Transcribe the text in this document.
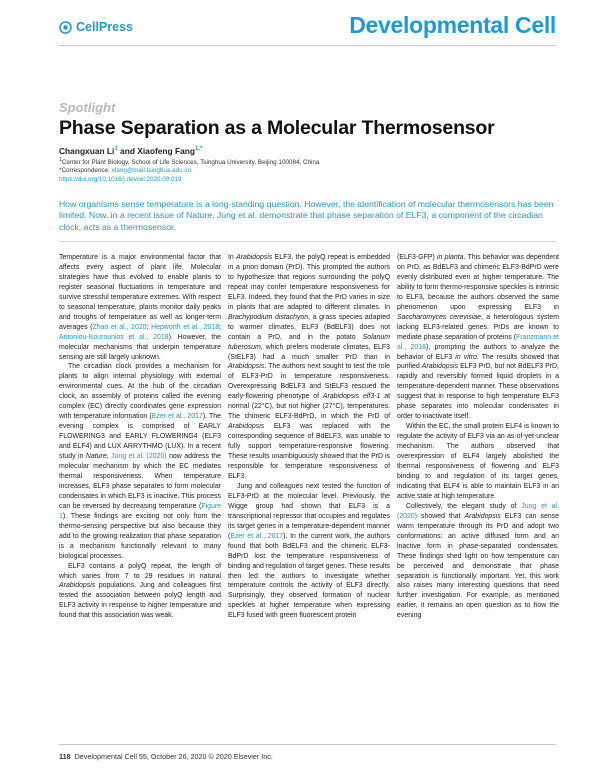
CellPress	Developmental Cell
Spotlight
Phase Separation as a Molecular Thermosensor
Changxuan Li$^1$ and Xiaofeng Fang$^{1,*}$
$^1$Center for Plant Biology, School of Life Sciences, Tsinghua University, Beijing 100084, China
*Correspondence: xfang@mail.tsinghua.edu.cn
https://doi.org/10.1016/j.devcel.2020.09.019
How organisms sense temperature is a long-standing question. However, the identification of molecular thermosensors has been limited. Now, in a recent issue of Nature, Jung et al. demonstrate that phase separation of ELF3, a component of the circadian clock, acts as a thermosensor.

Temperature is a major environmental factor that affects every aspect of plant life. Molecular strategies have thus evolved to enable plants to register seasonal fluctuations in temperature and survive stressful temperature extremes. With respect to seasonal temperature, plants monitor daily peaks and troughs of temperature as well as longer-term averages (Zhao et al., 2020; Hepworth et al., 2018; Antoniou-Kourounioti et al., 2018). However, the molecular mechanisms that underpin temperature sensing are still largely unknown.

The circadian clock provides a mechanism for plants to align internal physiology with external environmental cues. At the hub of the circadian clock, an assembly of proteins called the evening complex (EC) directly coordinates gene expression with temperature information (Ezer et al., 2017). The evening complex is comprised of EARLY FLOWERING3 and EARLY FLOWERING4 (ELF3 and ELF4) and LUX ARRYTHMO (LUX). In a recent study in Nature, Jung et al. (2020) now address the molecular mechanism by which the EC mediates thermal responsiveness. When temperature increases, ELF3 phase separates to form molecular condensates in which ELF3 is inactive. This process can be reversed by decreasing temperature (Figure 1). These findings are exciting not only from the thermo-sensing perspective but also because they add to the growing realization that phase separation is a mechanism functionally relevant to many biological processes.

ELF3 contains a polyQ repeat, the length of which varies from 7 to 29 residues in natural Arabidopsis populations. Jung and colleagues first tested the association between polyQ length and ELF3 activity in response to higher temperature and found that this association was weak.

In Arabidopsis ELF3, the polyQ repeat is embedded in a prion domain (PrD). This prompted the authors to hypothesize that regions surrounding the polyQ repeat may confer temperature responsiveness for ELF3. Indeed, they found that the PrD varies in size in plants that are adapted to different climates. In Brachypodium distachyon, a grass species adapted to warmer climates, ELF3 (BdELF3) does not contain a PrD, and in the potato Solanum tuberosum, which prefers moderate climates, ELF3 (StELF3) had a much smaller PrD than in Arabidopsis. The authors next sought to test the role of ELF3-PrD in temperature responsiveness. Overexpressing BdELF3 and StELF3 rescued the early-flowering phenotype of Arabidopsis elf3-1 at normal (22°C), but not higher (27°C), temperatures. The chimeric ELF3-BdPrD, in which the PrD of Arabidopsis ELF3 was replaced with the corresponding sequence of BdELF3, was unable to fully support temperature-responsive flowering. These results unambiguously showed that the PrD is responsible for temperature responsiveness of ELF3.

Jung and colleagues next tested the function of ELF3-PrD at the molecular level. Previously, the Wigge group had shown that ELF3 is a transcriptional repressor that occupies and regulates its target genes in a temperature-dependent manner (Ezer et al., 2017). In the current work, the authors found that both BdELF3 and the chimeric ELF3-BdPrD lost the temperature responsiveness of binding and regulation of target genes. These results then led the authors to investigate whether temperature controls the activity of ELF3 directly. Surprisingly, they observed formation of nuclear speckles at higher temperature when expressing ELF3 fused with green fluorescent protein

(ELF3-GFP) in planta. This behavior was dependent on PrD, as BdELF3 and chimeric ELF3-BdPrD were evenly distributed even at higher temperature. The ability to form thermo-responsive speckles is intrinsic to ELF3, because the authors observed the same phenomenon upon expressing ELF3 in Saccharomyces cerevisiae, a heterologous system lacking ELF3-related genes. PrDs are known to mediate phase separation of proteins (Franzmann et al., 2018), prompting the authors to analyze the behavior of ELF3 in vitro. The results showed that purified Arabidopsis ELF3 PrD, but not BdELF3 PrD, rapidly and reversibly formed liquid droplets in a temperature-dependent manner. These observations suggest that in response to high temperature ELF3 phase separates into molecular condensates in order to inactivate itself.

Within the EC, the small protein ELF4 is known to regulate the activity of ELF3 via an as-of-yet-unclear mechanism. The authors observed that overexpression of ELF4 largely abolished the thermal responsiveness of flowering and ELF3 binding to and regulation of its target genes, indicating that ELF4 is able to maintain ELF3 in an active state at high temperature.

Collectively, the elegant study of Jung et al. (2020) showed that Arabidopsis ELF3 can sense warm temperature through its PrD and adopt two conformations: an active diffused form and an inactive form in phase-separated condensates. These findings shed light on how temperature can be perceived and demonstrate that phase separation is functionally important. Yet, this work also raises many interesting questions that need further investigation. For example, as mentioned earlier, it remains an open question as to how the evening

118 Developmental Cell 55, October 26, 2020 © 2020 Elsevier Inc.
